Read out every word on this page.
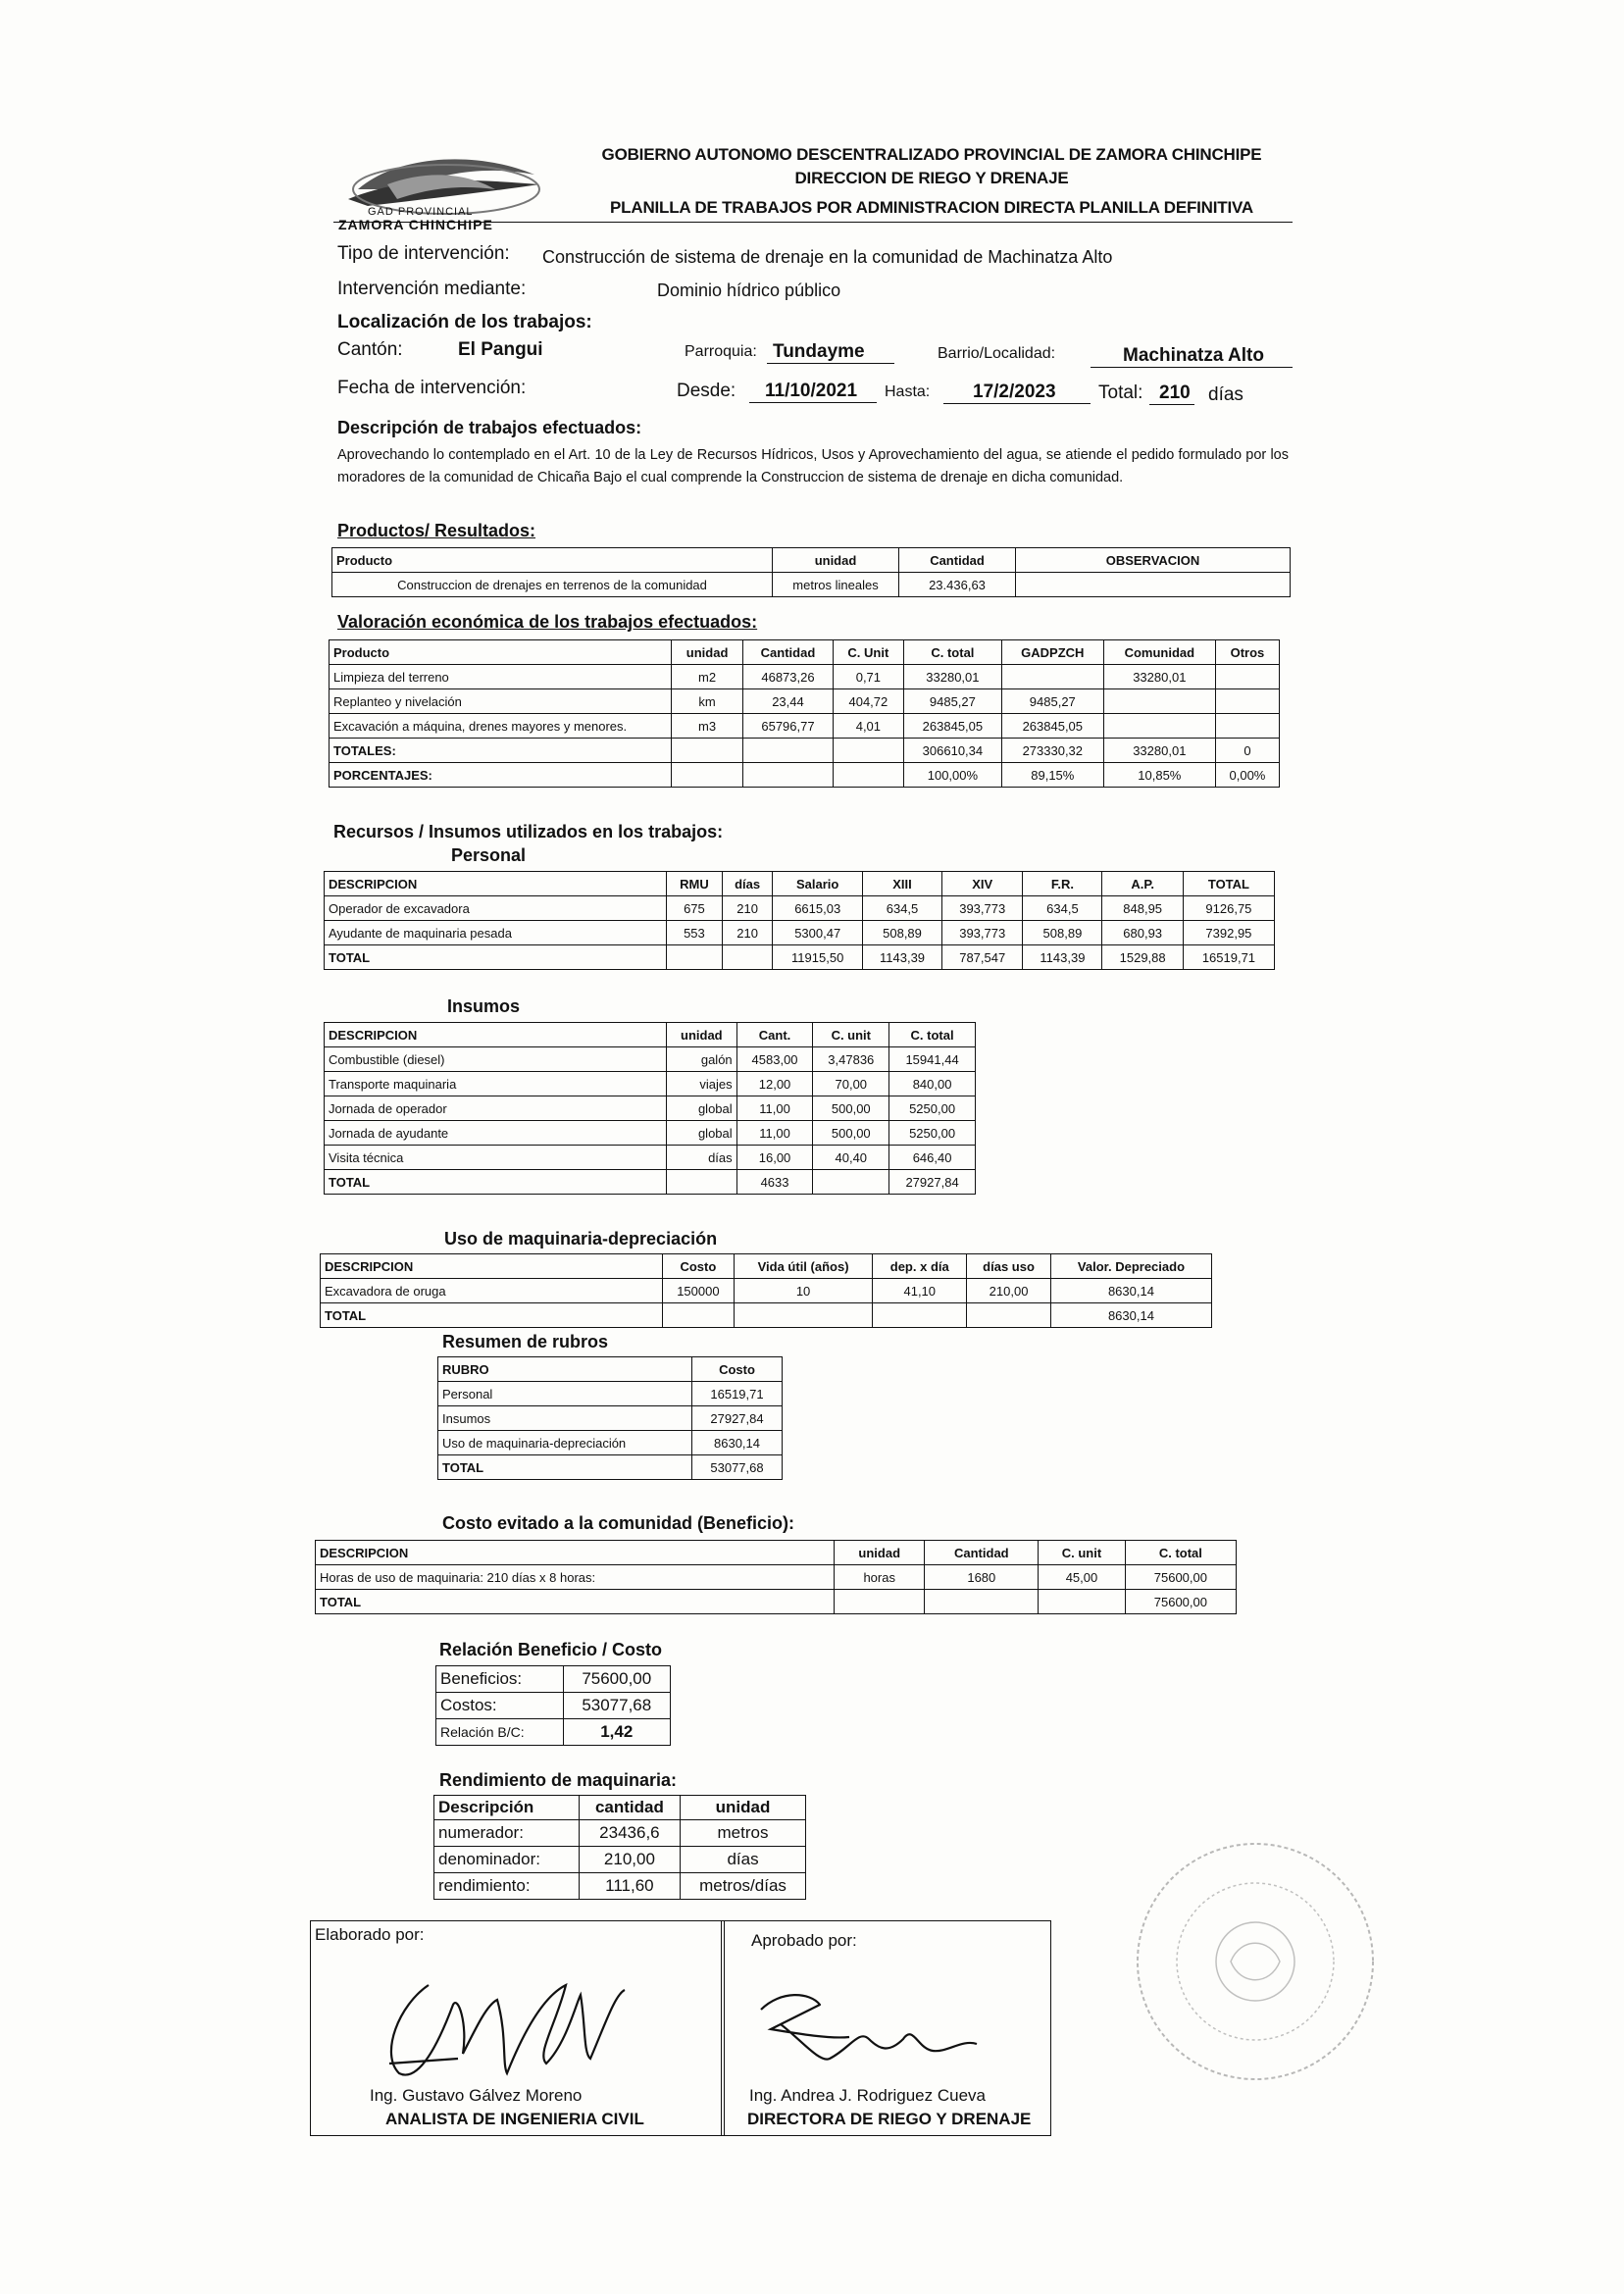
GAD PROVINCIAL
ZAMORA CHINCHIPE
GOBIERNO AUTONOMO DESCENTRALIZADO PROVINCIAL DE ZAMORA CHINCHIPE
DIRECCION DE RIEGO Y DRENAJE
PLANILLA DE TRABAJOS POR ADMINISTRACION DIRECTA PLANILLA DEFINITIVA
Tipo de intervención: Construcción de sistema de drenaje en la comunidad de Machinatza Alto
Intervención mediante:	Dominio hídrico público
Localización de los trabajos:
Cantón:	El Pangui	Parroquia: Tundayme	Barrio/Localidad:	Machinatza Alto
Fecha de intervención:	Desde: 11/10/2021 Hasta: 17/2/2023 Total: 210 días
Descripción de trabajos efectuados:
Aprovechando lo contemplado en el Art. 10 de la Ley de Recursos Hídricos, Usos y Aprovechamiento del agua, se atiende el pedido formulado por los moradores de la comunidad de Chicaña Bajo el cual comprende la Construccion de sistema de drenaje en dicha comunidad.
Productos/ Resultados:
Producto	unidad	Cantidad	OBSERVACION
Construccion de drenajes en terrenos de la comunidad	metros lineales	23.436,63	
Valoración económica de los trabajos efectuados:
Producto	unidad	Cantidad	C. Unit	C. total	GADPZCH	Comunidad	Otros
Limpieza del terreno	m2	46873,26	0,71	33280,01		33280,01	
Replanteo y nivelación	km	23,44	404,72	9485,27	9485,27		
Excavación a máquina, drenes mayores y menores.	m3	65796,77	4,01	263845,05	263845,05		
TOTALES:				306610,34	273330,32	33280,01	0
PORCENTAJES:				100,00%	89,15%	10,85%	0,00%
Recursos / Insumos utilizados en los trabajos:
Personal
DESCRIPCION	RMU	días	Salario	XIII	XIV	F.R.	A.P.	TOTAL
Operador de excavadora	675	210	6615,03	634,5	393,773	634,5	848,95	9126,75
Ayudante de maquinaria pesada	553	210	5300,47	508,89	393,773	508,89	680,93	7392,95
TOTAL			11915,50	1143,39	787,547	1143,39	1529,88	16519,71
Insumos
DESCRIPCION	unidad	Cant.	C. unit	C. total
Combustible (diesel)	galón	4583,00	3,47836	15941,44
Transporte maquinaria	viajes	12,00	70,00	840,00
Jornada de operador	global	11,00	500,00	5250,00
Jornada de ayudante	global	11,00	500,00	5250,00
Visita técnica	días	16,00	40,40	646,40
TOTAL		4633		27927,84
Uso de maquinaria-depreciación
DESCRIPCION	Costo	Vida útil (años)	dep. x día	días uso	Valor. Depreciado
Excavadora de oruga	150000	10	41,10	210,00	8630,14
TOTAL					8630,14
Resumen de rubros
RUBRO	Costo
Personal	16519,71
Insumos	27927,84
Uso de maquinaria-depreciación	8630,14
TOTAL	53077,68
Costo evitado a la comunidad (Beneficio):
DESCRIPCION	unidad	Cantidad	C. unit	C. total
Horas de uso de maquinaria: 210 días x 8 horas:	horas	1680	45,00	75600,00
TOTAL				75600,00
Relación Beneficio / Costo
Beneficios:	75600,00
Costos:	53077,68
Relación B/C:	1,42
Rendimiento de maquinaria:
Descripción	cantidad	unidad
numerador:	23436,6	metros
denominador:	210,00	días
rendimiento:	111,60	metros/días
Elaborado por:
Ing. Gustavo Gálvez Moreno
ANALISTA DE INGENIERIA CIVIL
Aprobado por:
Ing. Andrea J. Rodriguez Cueva
DIRECTORA DE RIEGO Y DRENAJE
